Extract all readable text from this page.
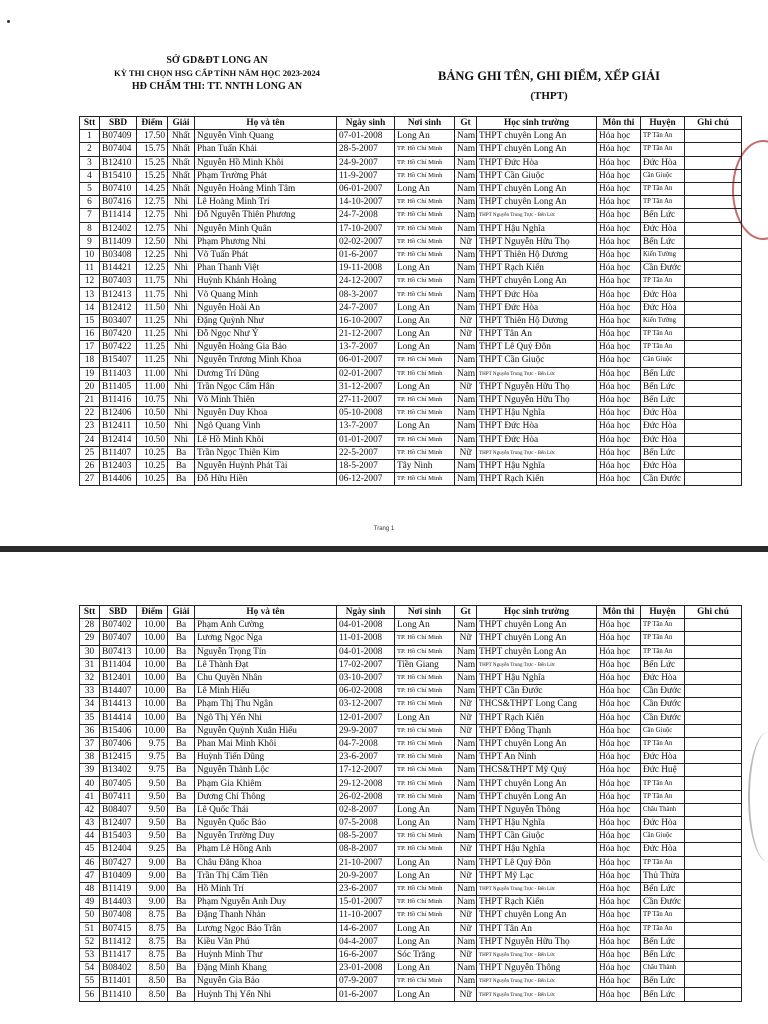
SỞ GD&ĐT LONG AN
KỲ THI CHỌN HSG CẤP TỈNH NĂM HỌC 2023-2024
HĐ CHẤM THI: TT. NNTH LONG AN
BẢNG GHI TÊN, GHI ĐIỂM, XẾP GIẢI
(THPT)
Stt	SBD	Điểm	Giải	Họ và tên	Ngày sinh	Nơi sinh	Gt	Học sinh trường	Môn thi	Huyện	Ghi chú
1	B07409	17.50	Nhất	Nguyễn Vinh Quang	07-01-2008	Long An	Nam	THPT chuyên Long An	Hóa học	TP Tân An	
2	B07404	15.75	Nhất	Phan Tuấn Khải	28-5-2007	TP. Hồ Chí Minh	Nam	THPT chuyên Long An	Hóa học	TP Tân An	
3	B12410	15.25	Nhất	Nguyễn Hồ Minh Khôi	24-9-2007	TP. Hồ Chí Minh	Nam	THPT Đức Hòa	Hóa học	Đức Hòa	
4	B15410	15.25	Nhất	Phạm Trường Phát	11-9-2007	TP. Hồ Chí Minh	Nam	THPT Cần Giuộc	Hóa học	Cần Giuộc	
5	B07410	14.25	Nhất	Nguyễn Hoàng Minh Tâm	06-01-2007	Long An	Nam	THPT chuyên Long An	Hóa học	TP Tân An	
6	B07416	12.75	Nhì	Lê Hoàng Minh Trí	14-10-2007	TP. Hồ Chí Minh	Nam	THPT chuyên Long An	Hóa học	TP Tân An	
7	B11414	12.75	Nhì	Đỗ Nguyễn Thiên Phương	24-7-2008	TP. Hồ Chí Minh	Nam	THPT Nguyễn Trung Trực - Bến Lức	Hóa học	Bến Lức	
8	B12402	12.75	Nhì	Nguyễn Minh Quân	17-10-2007	TP. Hồ Chí Minh	Nam	THPT Hậu Nghĩa	Hóa học	Đức Hòa	
9	B11409	12.50	Nhì	Phạm Phương Nhi	02-02-2007	TP. Hồ Chí Minh	Nữ	THPT Nguyễn Hữu Thọ	Hóa học	Bến Lức	
10	B03408	12.25	Nhì	Võ Tuấn Phát	01-6-2007	TP. Hồ Chí Minh	Nam	THPT Thiên Hộ Dương	Hóa học	Kiến Tường	
11	B14421	12.25	Nhì	Phan Thanh Việt	19-11-2008	Long An	Nam	THPT Rạch Kiến	Hóa học	Cần Đước	
12	B07403	11.75	Nhì	Huỳnh Khánh Hoàng	24-12-2007	TP. Hồ Chí Minh	Nam	THPT chuyên Long An	Hóa học	TP Tân An	
13	B12413	11.75	Nhì	Võ Quang Minh	08-3-2007	TP. Hồ Chí Minh	Nam	THPT Đức Hòa	Hóa học	Đức Hòa	
14	B12412	11.50	Nhì	Nguyễn Hoài An	24-7-2007	Long An	Nam	THPT Đức Hòa	Hóa học	Đức Hòa	
15	B03407	11.25	Nhì	Đặng Quỳnh Như	16-10-2007	Long An	Nữ	THPT Thiên Hộ Dương	Hóa học	Kiến Tường	
16	B07420	11.25	Nhì	Đỗ Ngọc Như Ý	21-12-2007	Long An	Nữ	THPT Tân An	Hóa học	TP Tân An	
17	B07422	11.25	Nhì	Nguyễn Hoàng Gia Bảo	13-7-2007	Long An	Nam	THPT Lê Quý Đôn	Hóa học	TP Tân An	
18	B15407	11.25	Nhì	Nguyễn Trương Minh Khoa	06-01-2007	TP. Hồ Chí Minh	Nam	THPT Cần Giuộc	Hóa học	Cần Giuộc	
19	B11403	11.00	Nhì	Dương Trí Dũng	02-01-2007	TP. Hồ Chí Minh	Nam	THPT Nguyễn Trung Trực - Bến Lức	Hóa học	Bến Lức	
20	B11405	11.00	Nhì	Trần Ngọc Cẩm Hân	31-12-2007	Long An	Nữ	THPT Nguyễn Hữu Thọ	Hóa học	Bến Lức	
21	B11416	10.75	Nhì	Võ Minh Thiên	27-11-2007	TP. Hồ Chí Minh	Nam	THPT Nguyễn Hữu Thọ	Hóa học	Bến Lức	
22	B12406	10.50	Nhì	Nguyễn Duy Khoa	05-10-2008	TP. Hồ Chí Minh	Nam	THPT Hậu Nghĩa	Hóa học	Đức Hòa	
23	B12411	10.50	Nhì	Ngô Quang Vinh	13-7-2007	Long An	Nam	THPT Đức Hòa	Hóa học	Đức Hòa	
24	B12414	10.50	Nhì	Lê Hồ Minh Khôi	01-01-2007	TP. Hồ Chí Minh	Nam	THPT Đức Hòa	Hóa học	Đức Hòa	
25	B11407	10.25	Ba	Trần Ngọc Thiên Kim	22-5-2007	TP. Hồ Chí Minh	Nữ	THPT Nguyễn Trung Trực - Bến Lức	Hóa học	Bến Lức	
26	B12403	10.25	Ba	Nguyễn Huỳnh Phát Tài	18-5-2007	Tây Ninh	Nam	THPT Hậu Nghĩa	Hóa học	Đức Hòa	
27	B14406	10.25	Ba	Đỗ Hữu Hiền	06-12-2007	TP. Hồ Chí Minh	Nam	THPT Rạch Kiến	Hóa học	Cần Đước	
Trang 1
Stt	SBD	Điểm	Giải	Họ và tên	Ngày sinh	Nơi sinh	Gt	Học sinh trường	Môn thi	Huyện	Ghi chú
28	B07402	10.00	Ba	Phạm Anh Cường	04-01-2008	Long An	Nam	THPT chuyên Long An	Hóa học	TP Tân An	
29	B07407	10.00	Ba	Lương Ngọc Nga	11-01-2008	TP. Hồ Chí Minh	Nữ	THPT chuyên Long An	Hóa học	TP Tân An	
30	B07413	10.00	Ba	Nguyễn Trọng Tín	04-01-2008	TP. Hồ Chí Minh	Nam	THPT chuyên Long An	Hóa học	TP Tân An	
31	B11404	10.00	Ba	Lê Thành Đạt	17-02-2007	Tiền Giang	Nam	THPT Nguyễn Trung Trực - Bến Lức	Hóa học	Bến Lức	
32	B12401	10.00	Ba	Chu Quyền Nhân	03-10-2007	TP. Hồ Chí Minh	Nam	THPT Hậu Nghĩa	Hóa học	Đức Hòa	
33	B14407	10.00	Ba	Lê Minh Hiếu	06-02-2008	TP. Hồ Chí Minh	Nam	THPT Cần Đước	Hóa học	Cần Đước	
34	B14413	10.00	Ba	Phạm Thị Thu Ngân	03-12-2007	TP. Hồ Chí Minh	Nữ	THCS&THPT Long Cang	Hóa học	Cần Đước	
35	B14414	10.00	Ba	Ngô Thị Yến Nhi	12-01-2007	Long An	Nữ	THPT Rạch Kiến	Hóa học	Cần Đước	
36	B15406	10.00	Ba	Nguyễn Quỳnh Xuân Hiếu	29-9-2007	TP. Hồ Chí Minh	Nữ	THPT Đông Thạnh	Hóa học	Cần Giuộc	
37	B07406	9.75	Ba	Phan Mai Minh Khôi	04-7-2008	TP. Hồ Chí Minh	Nam	THPT chuyên Long An	Hóa học	TP Tân An	
38	B12415	9.75	Ba	Huỳnh Tiến Dũng	23-6-2007	TP. Hồ Chí Minh	Nam	THPT An Ninh	Hóa học	Đức Hòa	
39	B13402	9.75	Ba	Nguyễn Thành Lộc	17-12-2007	TP. Hồ Chí Minh	Nam	THCS&THPT Mỹ Quý	Hóa học	Đức Huệ	
40	B07405	9.50	Ba	Phạm Gia Khiêm	29-12-2008	TP. Hồ Chí Minh	Nam	THPT chuyên Long An	Hóa học	TP Tân An	
41	B07411	9.50	Ba	Dương Chí Thông	26-02-2008	TP. Hồ Chí Minh	Nam	THPT chuyên Long An	Hóa học	TP Tân An	
42	B08407	9.50	Ba	Lê Quốc Thái	02-8-2007	Long An	Nam	THPT Nguyễn Thông	Hóa học	Châu Thành	
43	B12407	9.50	Ba	Nguyễn Quốc Bảo	07-5-2008	Long An	Nam	THPT Hậu Nghĩa	Hóa học	Đức Hòa	
44	B15403	9.50	Ba	Nguyễn Trường Duy	08-5-2007	TP. Hồ Chí Minh	Nam	THPT Cần Giuộc	Hóa học	Cần Giuộc	
45	B12404	9.25	Ba	Phạm Lê Hồng Anh	08-8-2007	TP. Hồ Chí Minh	Nữ	THPT Hậu Nghĩa	Hóa học	Đức Hòa	
46	B07427	9.00	Ba	Châu Đăng Khoa	21-10-2007	Long An	Nam	THPT Lê Quý Đôn	Hóa học	TP Tân An	
47	B10409	9.00	Ba	Trần Thị Cẩm Tiên	20-9-2007	Long An	Nữ	THPT Mỹ Lạc	Hóa học	Thủ Thừa	
48	B11419	9.00	Ba	Hồ Minh Trí	23-6-2007	TP. Hồ Chí Minh	Nam	THPT Nguyễn Trung Trực - Bến Lức	Hóa học	Bến Lức	
49	B14403	9.00	Ba	Phạm Nguyễn Anh Duy	15-01-2007	TP. Hồ Chí Minh	Nam	THPT Rạch Kiến	Hóa học	Cần Đước	
50	B07408	8.75	Ba	Đặng Thanh Nhàn	11-10-2007	TP. Hồ Chí Minh	Nữ	THPT chuyên Long An	Hóa học	TP Tân An	
51	B07415	8.75	Ba	Lương Ngọc Bảo Trân	14-6-2007	Long An	Nữ	THPT Tân An	Hóa học	TP Tân An	
52	B11412	8.75	Ba	Kiều Văn Phú	04-4-2007	Long An	Nam	THPT Nguyễn Hữu Thọ	Hóa học	Bến Lức	
53	B11417	8.75	Ba	Huỳnh Minh Thư	16-6-2007	Sóc Trăng	Nữ	THPT Nguyễn Trung Trực - Bến Lức	Hóa học	Bến Lức	
54	B08402	8.50	Ba	Đặng Minh Khang	23-01-2008	Long An	Nam	THPT Nguyễn Thông	Hóa học	Châu Thành	
55	B11401	8.50	Ba	Nguyễn Gia Bảo	07-9-2007	TP. Hồ Chí Minh	Nam	THPT Nguyễn Trung Trực - Bến Lức	Hóa học	Bến Lức	
56	B11410	8.50	Ba	Huỳnh Thị Yến Nhi	01-6-2007	Long An	Nữ	THPT Nguyễn Trung Trực - Bến Lức	Hóa học	Bến Lức	
